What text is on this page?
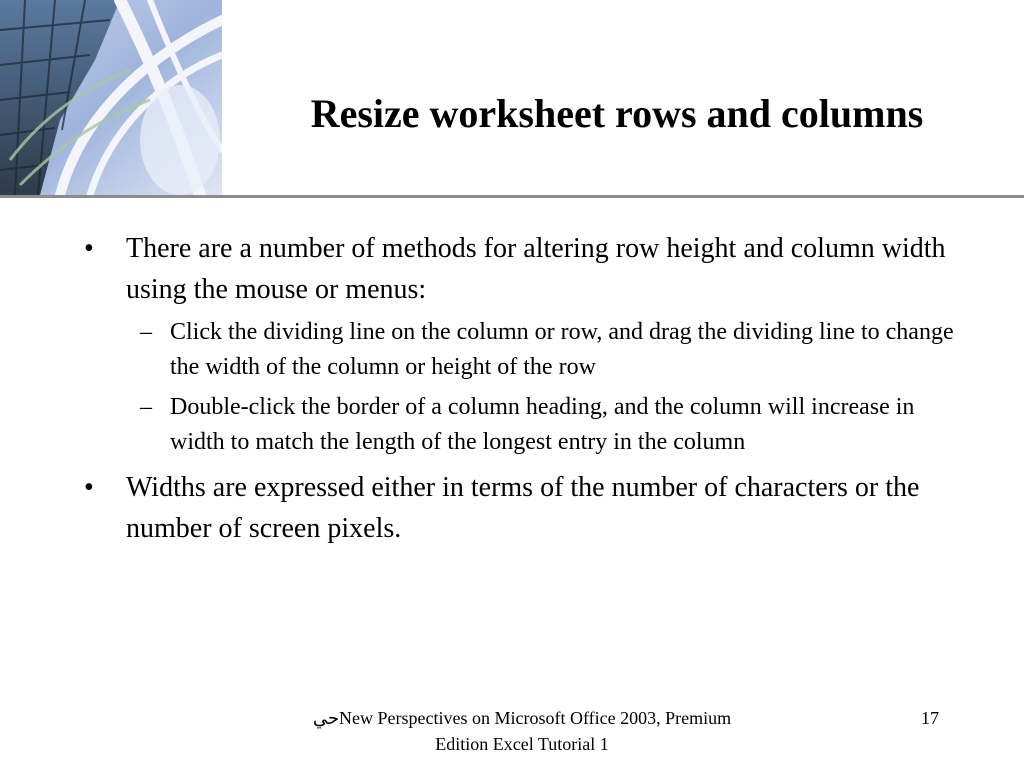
Resize worksheet rows and columns
•	There are a number of methods for altering row height and column width using the mouse or menus:
– Click the dividing line on the column or row, and drag the dividing line to change the width of the column or height of the row
– Double-click the border of a column heading, and the column will increase in width to match the length of the longest entry in the column
•	Widths are expressed either in terms of the number of characters or the number of screen pixels.
حيNew Perspectives on Microsoft Office 2003, Premium
Edition Excel Tutorial 1
17
